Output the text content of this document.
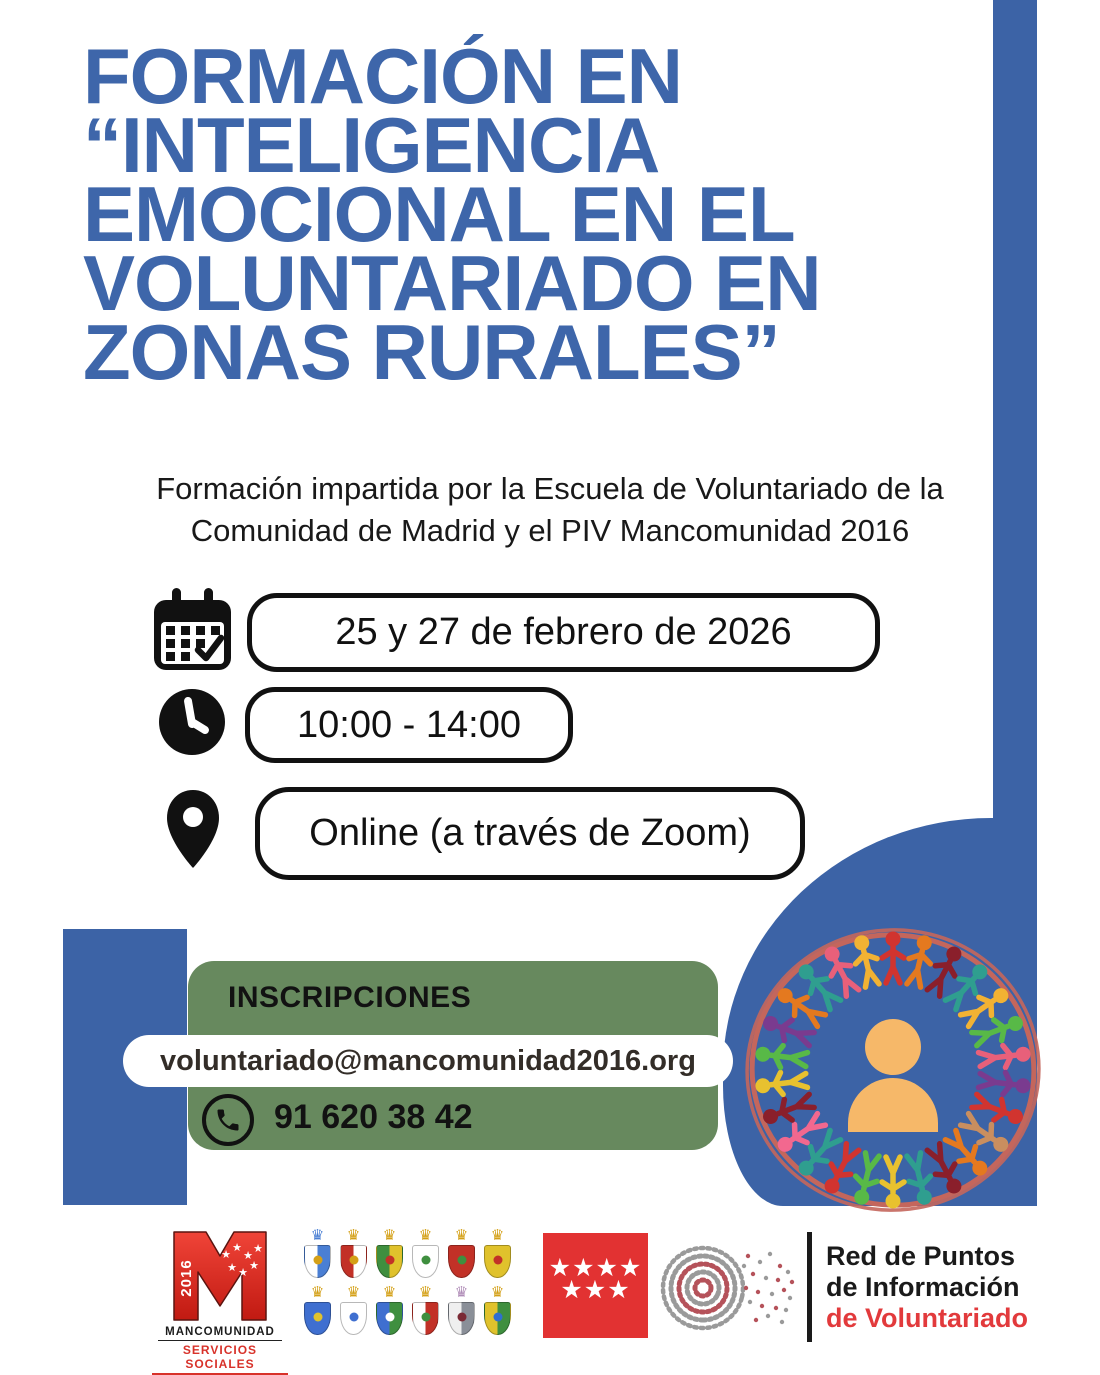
FORMACIÓN EN
“INTELIGENCIA
EMOCIONAL EN EL
VOLUNTARIADO EN
ZONAS RURALES”
Formación impartida por la Escuela de Voluntariado de la
Comunidad de Madrid y el PIV Mancomunidad 2016
25 y 27 de febrero de 2026
10:00 - 14:00
Online (a través de Zoom)
INSCRIPCIONES
voluntariado@mancomunidad2016.org
91 620 38 42
2016
★
★
★
★
★ ★
★
MANCOMUNIDAD
SERVICIOS SOCIALES
♛
♛
♛
♛
♛
♛
♛
♛
♛
♛
♛
♛
★★★★
★★★
Red de Puntos
de Información
de Voluntariado
